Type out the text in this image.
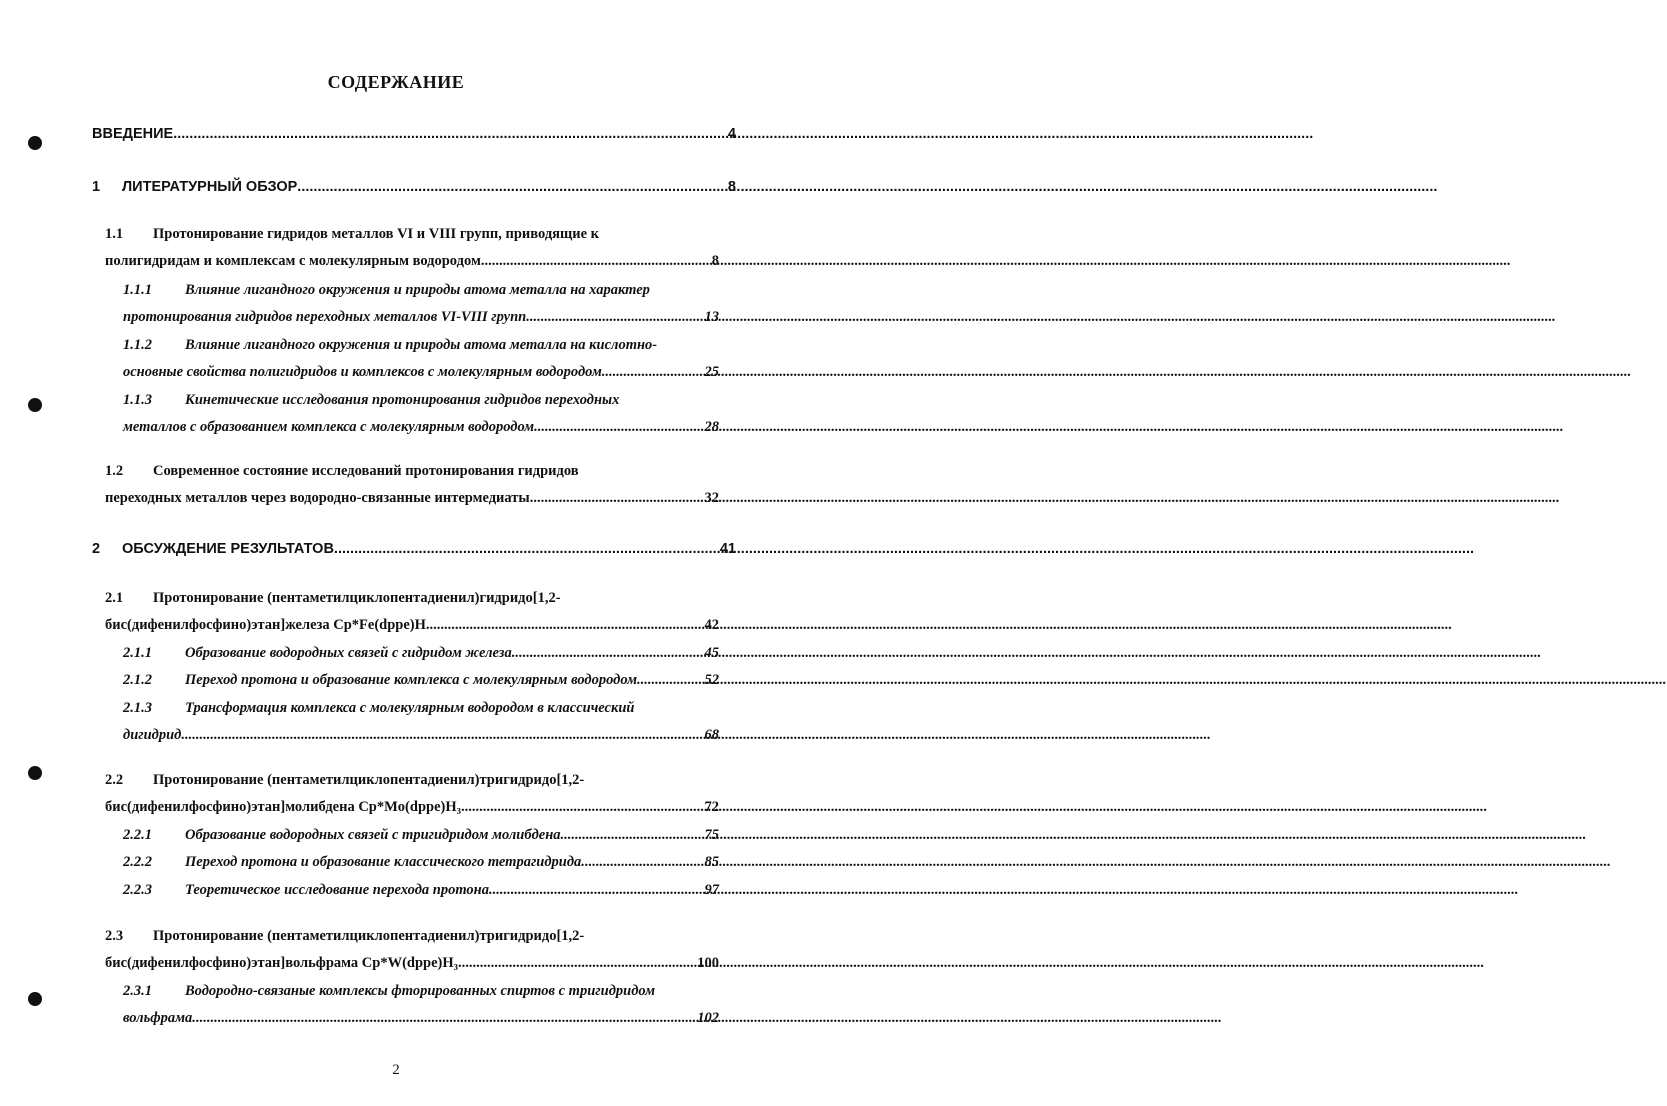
СОДЕРЖАНИЕ
ВВЕДЕНИЕ .....	4
1	ЛИТЕРАТУРНЫЙ ОБЗОР .....	8
1.1	Протонирование гидридов металлов VI и VIII групп, приводящие к
полигидридам и комплексам с молекулярным водородом. .....	8
1.1.1	Влияние лигандного окружения и природы атома металла на характер
протонирования гидридов переходных металлов VI-VIII групп. .....	13
1.1.2	Влияние лигандного окружения и природы атома металла на кислотно-
основные свойства полигидридов и комплексов с молекулярным водородом. .....	25
1.1.3	Кинетические исследования протонирования гидридов переходных
металлов с образованием комплекса с молекулярным водородом. .....	28
1.2	Современное состояние исследований протонирования гидридов
переходных металлов через водородно-связанные интермедиаты. .....	32
2	ОБСУЖДЕНИЕ РЕЗУЛЬТАТОВ .....	41
2.1	Протонирование (пентаметилциклопентадиенил)гидридо[1,2-
бис(дифенилфосфино)этан]железа Cp*Fe(dppe)H .....	42
2.1.1	Образование водородных связей с гидридом железа. .....	45
2.1.2	Переход протона и образование комплекса с молекулярным водородом. .....	52
2.1.3	Трансформация комплекса с молекулярным водородом в классический
дигидрид. .....	68
2.2	Протонирование (пентаметилциклопентадиенил)тригидридо[1,2-
бис(дифенилфосфино)этан]молибдена Cp*Mo(dppe)H₃ .....	72
2.2.1	Образование водородных связей с тригидридом молибдена .....	75
2.2.2	Переход протона и образование классического тетрагидрида. .....	85
2.2.3	Теоретическое исследование перехода протона. .....	97
2.3	Протонирование (пентаметилциклопентадиенил)тригидридо[1,2-
бис(дифенилфосфино)этан]вольфрама Cp*W(dppe)H₃ .....	100
2.3.1	Водородно-связаные комплексы фторированных спиртов с тригидридом
вольфрама. .....	102
2
